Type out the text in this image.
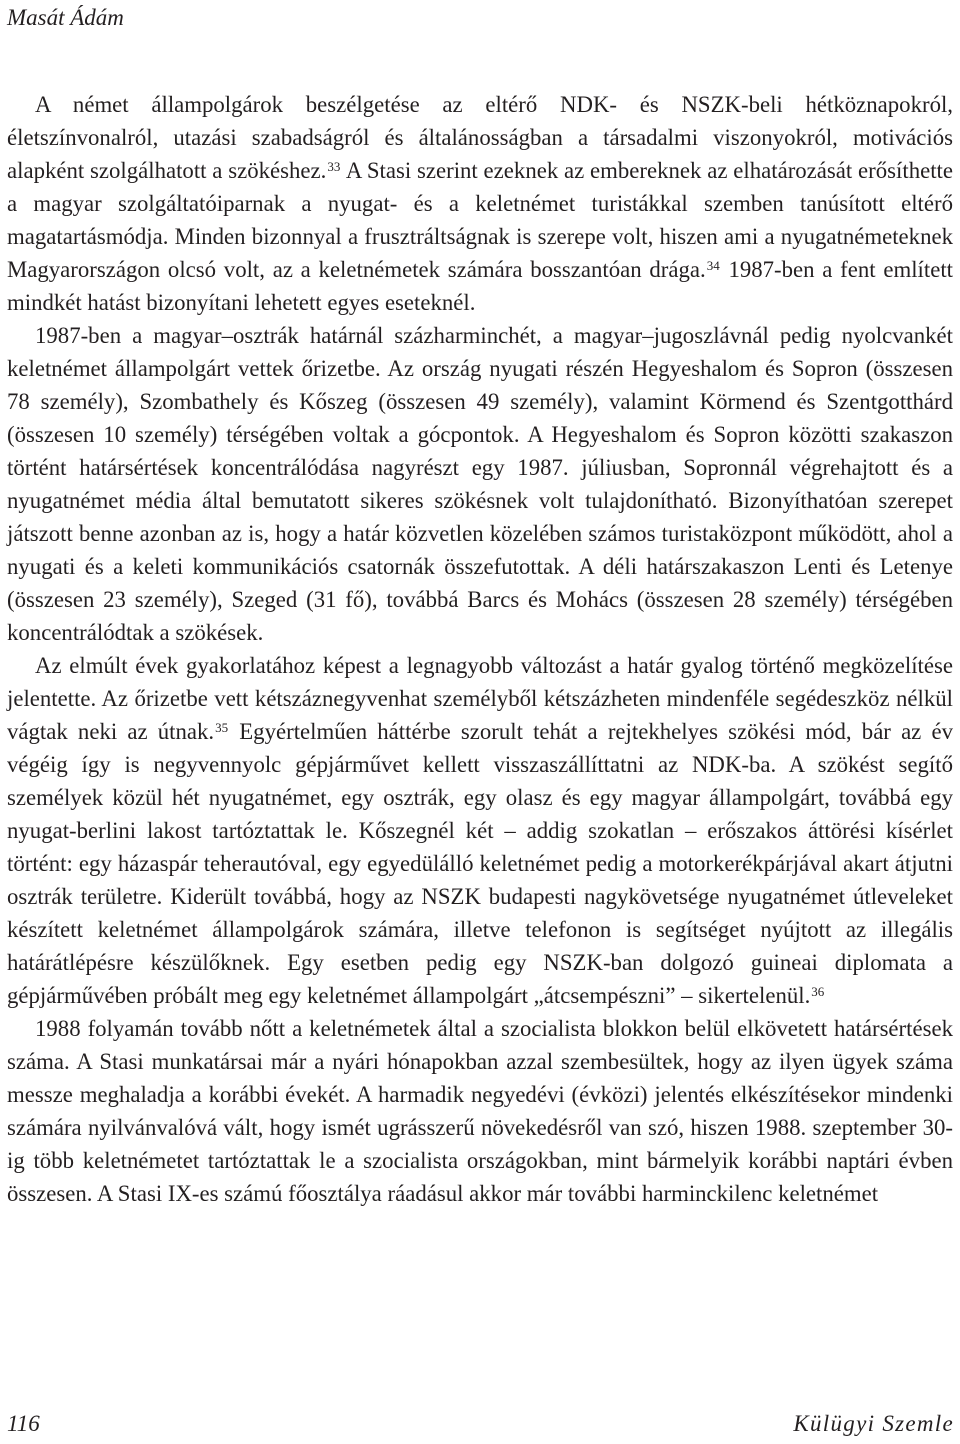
Masát Ádám

A német állampolgárok beszélgetése az eltérő NDK- és NSZK-beli hétköznapokról, életszínvonalról, utazási szabadságról és általánosságban a társadalmi viszonyokról, motivációs alapként szolgálhatott a szökéshez.$^{33}$ A Stasi szerint ezeknek az embereknek az elhatározását erősíthette a magyar szolgáltatóiparnak a nyugat- és a keletnémet turistákkal szemben tanúsított eltérő magatartásmódja. Minden bizonnyal a frusztráltságnak is szerepe volt, hiszen ami a nyugatnémeteknek Magyarországon olcsó volt, az a keletnémetek számára bosszantóan drága.$^{34}$ 1987-ben a fent említett mindkét hatást bizonyítani lehetett egyes eseteknél.

1987-ben a magyar–osztrák határnál százharminchét, a magyar–jugoszlávnál pedig nyolcvankét keletnémet állampolgárt vettek őrizetbe. Az ország nyugati részén Hegyeshalom és Sopron (összesen 78 személy), Szombathely és Kőszeg (összesen 49 személy), valamint Körmend és Szentgotthárd (összesen 10 személy) térségében voltak a gócpontok. A Hegyeshalom és Sopron közötti szakaszon történt határsértések koncentrálódása nagyrészt egy 1987. júliusban, Sopronnál végrehajtott és a nyugatnémet média által bemutatott sikeres szökésnek volt tulajdonítható. Bizonyíthatóan szerepet játszott benne azonban az is, hogy a határ közvetlen közelében számos turistaközpont működött, ahol a nyugati és a keleti kommunikációs csatornák összefutottak. A déli határszakaszon Lenti és Letenye (összesen 23 személy), Szeged (31 fő), továbbá Barcs és Mohács (összesen 28 személy) térségében koncentrálódtak a szökések.

Az elmúlt évek gyakorlatához képest a legnagyobb változást a határ gyalog történő megközelítése jelentette. Az őrizetbe vett kétszáznegyvenhat személyből kétszázheten mindenféle segédeszköz nélkül vágtak neki az útnak.$^{35}$ Egyértelműen háttérbe szorult tehát a rejtekhelyes szökési mód, bár az év végéig így is negyvennyolc gépjárművet kellett visszaszállíttatni az NDK-ba. A szökést segítő személyek közül hét nyugatnémet, egy osztrák, egy olasz és egy magyar állampolgárt, továbbá egy nyugat-berlini lakost tartóztattak le. Kőszegnél két – addig szokatlan – erőszakos áttörési kísérlet történt: egy házaspár teherautóval, egy egyedülálló keletnémet pedig a motorkerékpárjával akart átjutni osztrák területre. Kiderült továbbá, hogy az NSZK budapesti nagykövetsége nyugatnémet útleveleket készített keletnémet állampolgárok számára, illetve telefonon is segítséget nyújtott az illegális határátlépésre készülőknek. Egy esetben pedig egy NSZK-ban dolgozó guineai diplomata a gépjárművében próbált meg egy keletnémet állampolgárt „átcsempészni” – sikertelenül.$^{36}$

1988 folyamán tovább nőtt a keletnémetek által a szocialista blokkon belül elkövetett határsértések száma. A Stasi munkatársai már a nyári hónapokban azzal szembesültek, hogy az ilyen ügyek száma messze meghaladja a korábbi évekét. A harmadik negyedévi (évközi) jelentés elkészítésekor mindenki számára nyilvánvalóvá vált, hogy ismét ugrásszerű növekedésről van szó, hiszen 1988. szeptember 30-ig több keletnémetet tartóztattak le a szocialista országokban, mint bármelyik korábbi naptári évben összesen. A Stasi IX-es számú főosztálya ráadásul akkor már további harminckilenc keletnémet

116	Külügyi Szemle
